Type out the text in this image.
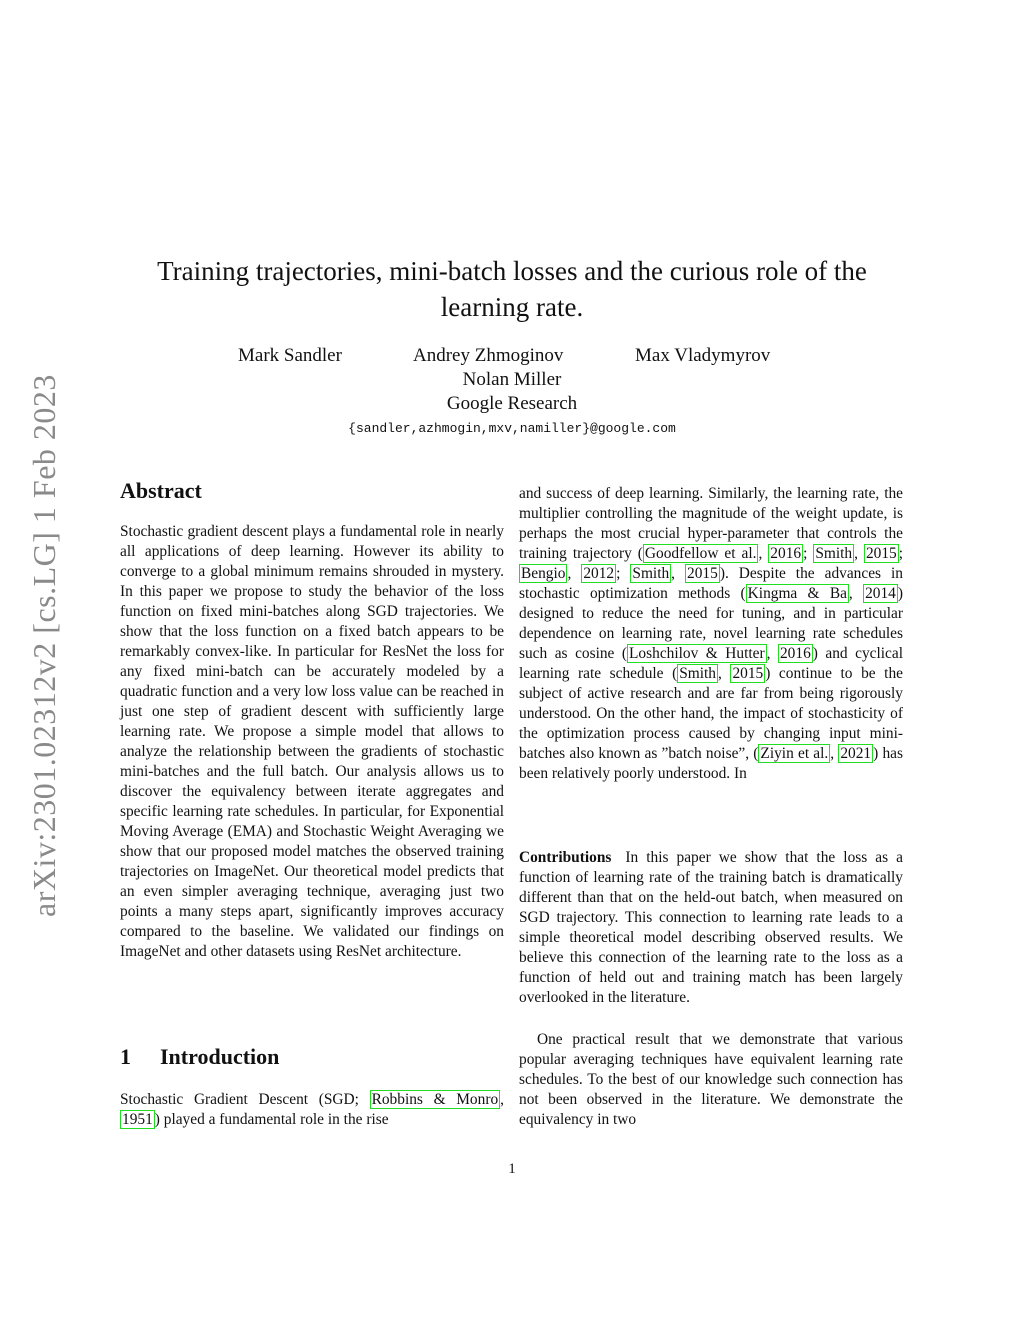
arXiv:2301.02312v2 [cs.LG] 1 Feb 2023
Training trajectories, mini-batch losses and the curious role of the
learning rate.
Mark Sandler	Andrey Zhmoginov	Max Vladymyrov
Nolan Miller
Google Research
{sandler,azhmogin,mxv,namiller}@google.com
Abstract

Stochastic gradient descent plays a fundamental role in nearly all applications of deep learning. However its ability to converge to a global minimum remains shrouded in mystery. In this paper we propose to study the behavior of the loss function on fixed mini-batches along SGD trajectories. We show that the loss function on a fixed batch appears to be remarkably convex-like. In particular for ResNet the loss for any fixed mini-batch can be accurately modeled by a quadratic function and a very low loss value can be reached in just one step of gradient descent with sufficiently large learning rate. We propose a simple model that allows to analyze the relationship between the gradients of stochastic mini-batches and the full batch. Our analysis allows us to discover the equivalency between iterate aggregates and specific learning rate schedules. In particular, for Exponential Moving Average (EMA) and Stochastic Weight Averaging we show that our proposed model matches the observed training trajectories on ImageNet. Our theoretical model predicts that an even simpler averaging technique, averaging just two points a many steps apart, significantly improves accuracy compared to the baseline. We validated our findings on ImageNet and other datasets using ResNet architecture.

1 Introduction

Stochastic Gradient Descent (SGD; Robbins & Monro , 1951 ) played a fundamental role in the rise

and success of deep learning. Similarly, the learning rate, the multiplier controlling the magnitude of the weight update, is perhaps the most crucial hyper-parameter that controls the training trajectory ( Goodfellow et al. , 2016 ; Smith , 2015 ; Bengio , 2012 ; Smith , 2015 ). Despite the advances in stochastic optimization methods ( Kingma & Ba , 2014 ) designed to reduce the need for tuning, and in particular dependence on learning rate, novel learning rate schedules such as cosine ( Loshchilov & Hutter , 2016 ) and cyclical learning rate schedule ( Smith , 2015 ) continue to be the subject of active research and are far from being rigorously understood. On the other hand, the impact of stochasticity of the optimization process caused by changing input mini-batches also known as ”batch noise”, ( Ziyin et al. , 2021 ) has been relatively poorly understood. In

Contributions In this paper we show that the loss as a function of learning rate of the training batch is dramatically different than that on the held-out batch, when measured on SGD trajectory. This connection to learning rate leads to a simple theoretical model describing observed results. We believe this connection of the learning rate to the loss as a function of held out and training match has been largely overlooked in the literature.

One practical result that we demonstrate that various popular averaging techniques have equivalent learning rate schedules. To the best of our knowledge such connection has not been observed in the literature. We demonstrate the equivalency in two

1
